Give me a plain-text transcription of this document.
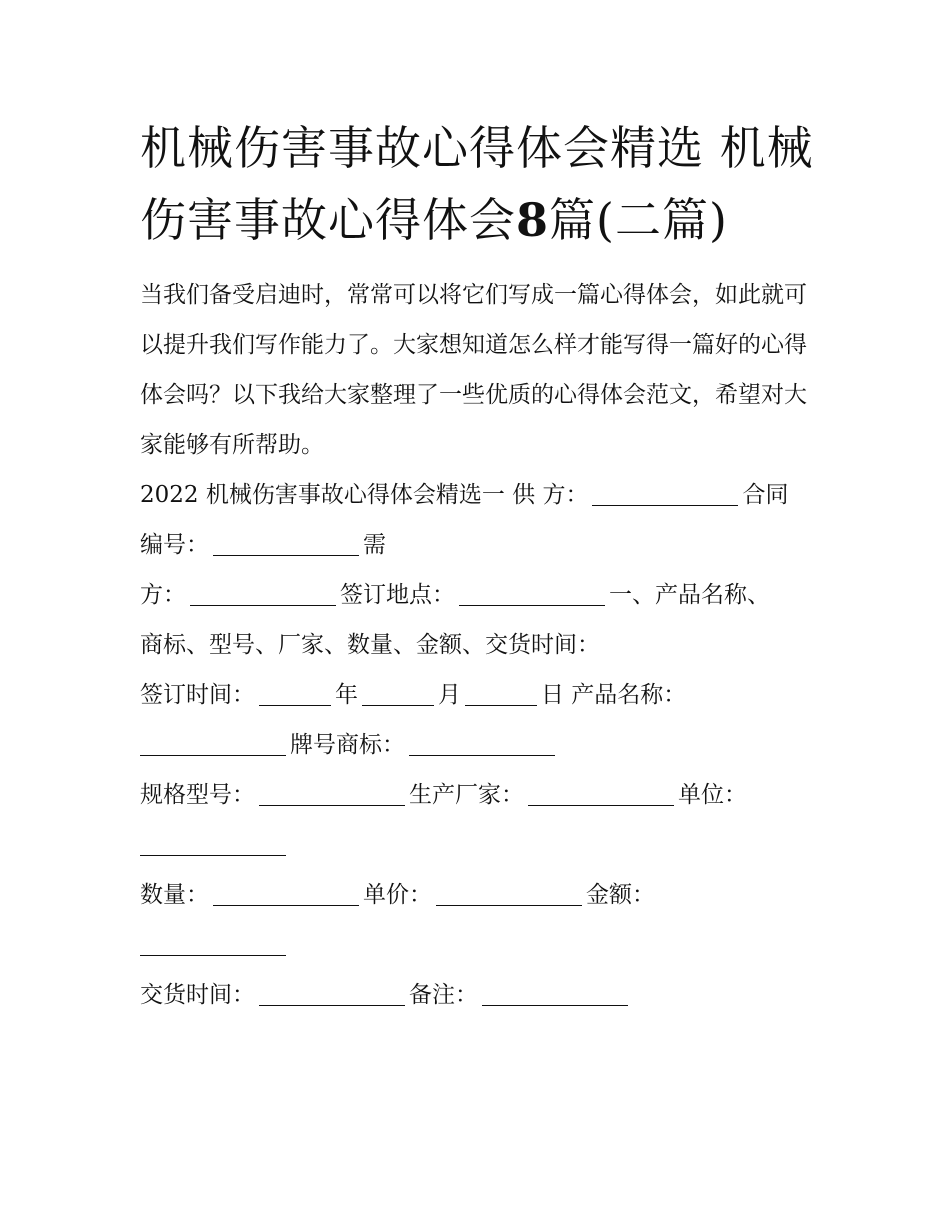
机械伤害事故心得体会精选 机械伤害事故心得体会8篇(二篇)

当我们备受启迪时，常常可以将它们写成一篇心得体会，如此就可以提升我们写作能力了。大家想知道怎么样才能写得一篇好的心得体会吗？以下我给大家整理了一些优质的心得体会范文，希望对大家能够有所帮助。

2022 机械伤害事故心得体会精选一 供 方：	合同

编号：	需

方：	签订地点：	一、产品名称、

商标、型号、厂家、数量、金额、交货时间：

签订时间：	年	月	日 产品名称：

牌号商标：

规格型号：	生产厂家：	单位：

数量：	单价：	金额：

交货时间：	备注：
